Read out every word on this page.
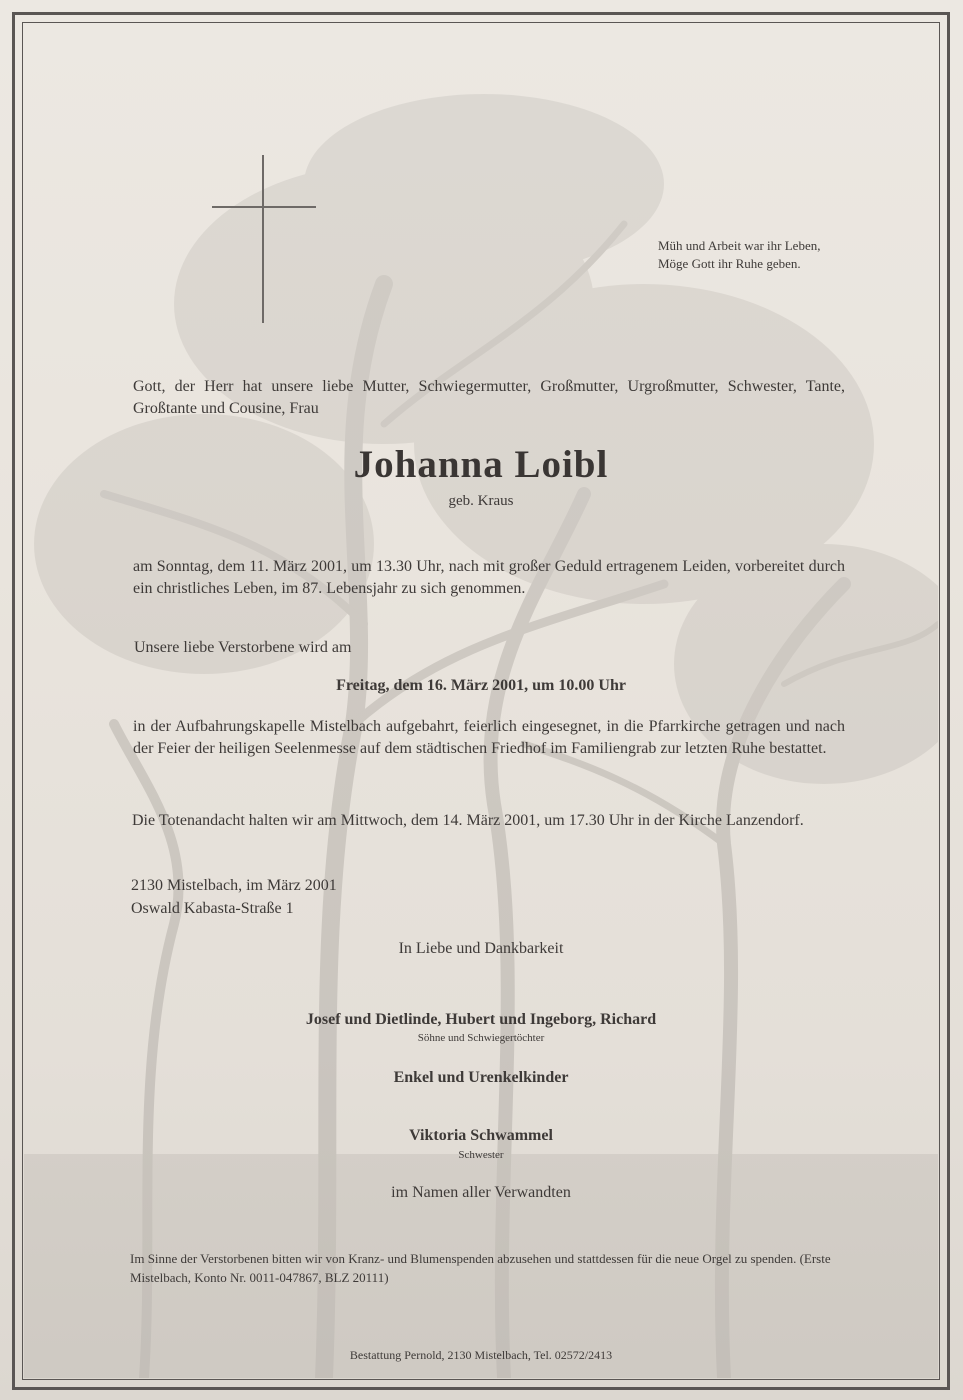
Müh und Arbeit war ihr Leben,
Möge Gott ihr Ruhe geben.
Gott, der Herr hat unsere liebe Mutter, Schwiegermutter, Großmutter, Urgroßmutter, Schwester, Tante, Großtante und Cousine, Frau
Johanna Loibl
geb. Kraus
am Sonntag, dem 11. März 2001, um 13.30 Uhr, nach mit großer Geduld ertragenem Leiden, vorbereitet durch ein christliches Leben, im 87. Lebensjahr zu sich genommen.
Unsere liebe Verstorbene wird am
Freitag, dem 16. März 2001, um 10.00 Uhr
in der Aufbahrungskapelle Mistelbach aufgebahrt, feierlich eingesegnet, in die Pfarrkirche getragen und nach der Feier der heiligen Seelenmesse auf dem städtischen Friedhof im Familiengrab zur letzten Ruhe bestattet.
Die Totenandacht halten wir am Mittwoch, dem 14. März 2001, um 17.30 Uhr in der Kirche Lanzendorf.
2130 Mistelbach, im März 2001
Oswald Kabasta-Straße 1
In Liebe und Dankbarkeit
Josef und Dietlinde, Hubert und Ingeborg, Richard
Söhne und Schwiegertöchter
Enkel und Urenkelkinder
Viktoria Schwammel
Schwester
im Namen aller Verwandten
Im Sinne der Verstorbenen bitten wir von Kranz- und Blumenspenden abzusehen und stattdessen für die neue Orgel zu spenden. (Erste Mistelbach, Konto Nr. 0011-047867, BLZ 20111)
Bestattung Pernold, 2130 Mistelbach, Tel. 02572/2413
